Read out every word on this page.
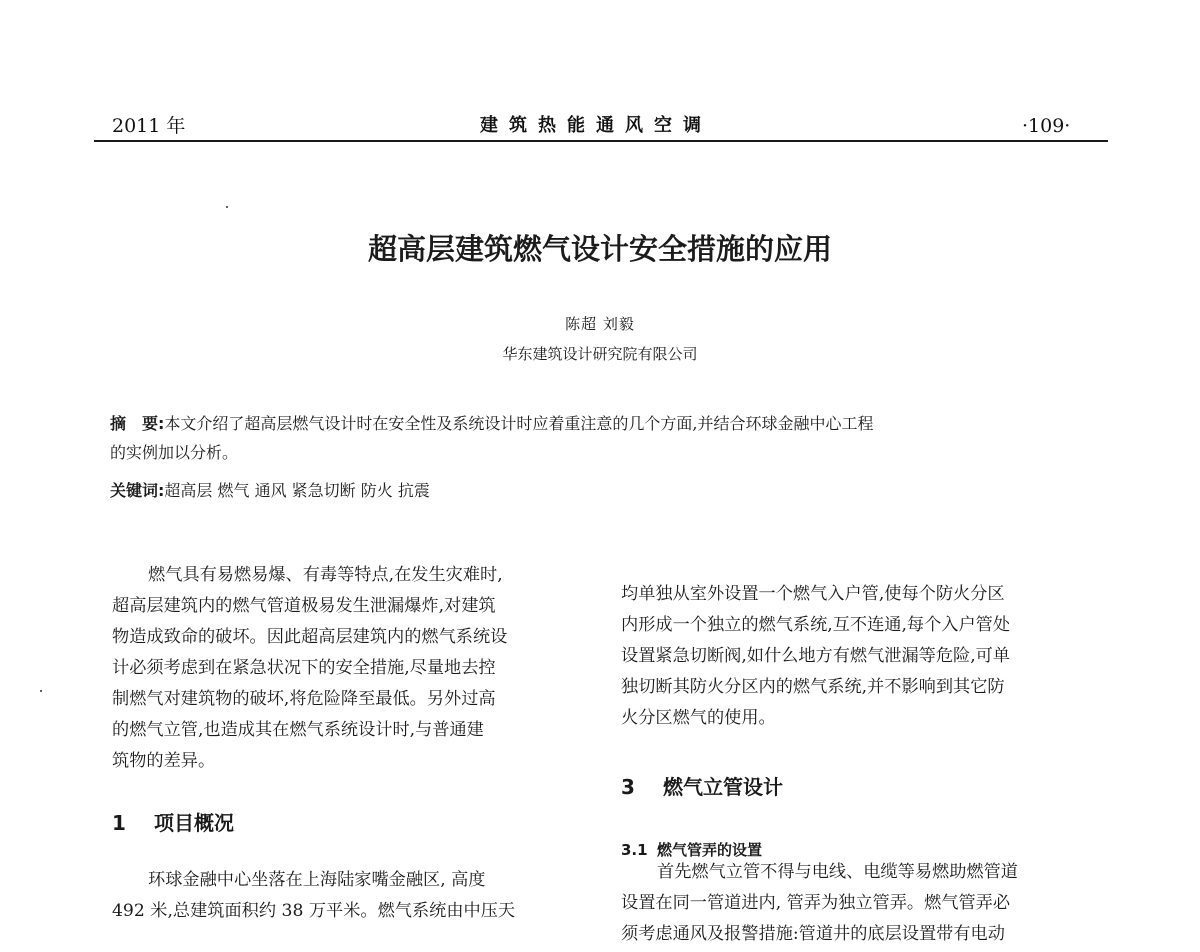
2011 年	建筑热能通风空调	·109·
超高层建筑燃气设计安全措施的应用
陈超 刘毅
华东建筑设计研究院有限公司
摘　要:本文介绍了超高层燃气设计时在安全性及系统设计时应着重注意的几个方面,并结合环球金融中心工程
的实例加以分析。
关键词:超高层 燃气 通风 紧急切断 防火 抗震
燃气具有易燃易爆、有毒等特点,在发生灾难时,
超高层建筑内的燃气管道极易发生泄漏爆炸,对建筑
物造成致命的破坏。因此超高层建筑内的燃气系统设
计必须考虑到在紧急状况下的安全措施,尽量地去控
制燃气对建筑物的破坏,将危险降至最低。另外过高
的燃气立管,也造成其在燃气系统设计时,与普通建
筑物的差异。
1 项目概况
环球金融中心坐落在上海陆家嘴金融区, 高度
492 米,总建筑面积约 38 万平米。燃气系统由中压天
均单独从室外设置一个燃气入户管,使每个防火分区
内形成一个独立的燃气系统,互不连通,每个入户管处
设置紧急切断阀,如什么地方有燃气泄漏等危险,可单
独切断其防火分区内的燃气系统,并不影响到其它防
火分区燃气的使用。
3 燃气立管设计
3.1 燃气管弄的设置
首先燃气立管不得与电线、电缆等易燃助燃管道
设置在同一管道进内, 管弄为独立管弄。燃气管弄必
须考虑通风及报警措施:管道井的底层设置带有电动
